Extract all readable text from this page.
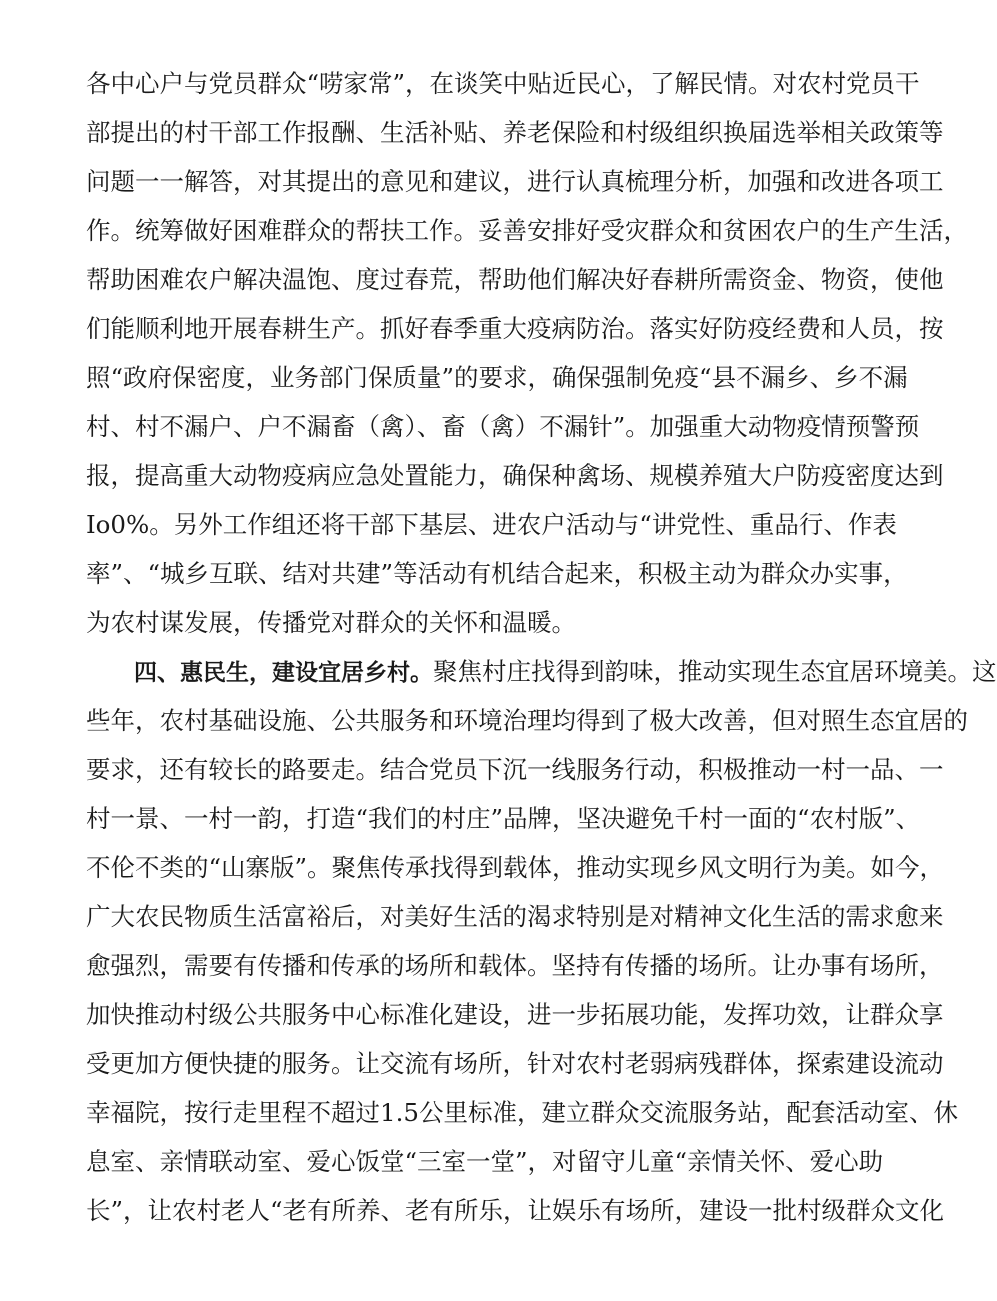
各中心户与党员群众“唠家常”，在谈笑中贴近民心，了解民情。对农村党员干
部提出的村干部工作报酬、生活补贴、养老保险和村级组织换届选举相关政策等
问题一一解答，对其提出的意见和建议，进行认真梳理分析，加强和改进各项工
作。统筹做好困难群众的帮扶工作。妥善安排好受灾群众和贫困农户的生产生活，
帮助困难农户解决温饱、度过春荒，帮助他们解决好春耕所需资金、物资，使他
们能顺利地开展春耕生产。抓好春季重大疫病防治。落实好防疫经费和人员，按
照“政府保密度，业务部门保质量”的要求，确保强制免疫“县不漏乡、乡不漏
村、村不漏户、户不漏畜（禽）、畜（禽）不漏针”。加强重大动物疫情预警预
报，提高重大动物疫病应急处置能力，确保种禽场、规模养殖大户防疫密度达到
Io0%。另外工作组还将干部下基层、进农户活动与“讲党性、重品行、作表
率”、“城乡互联、结对共建”等活动有机结合起来，积极主动为群众办实事，
为农村谋发展，传播党对群众的关怀和温暖。
四、惠民生，建设宜居乡村。 聚焦村庄找得到韵味，推动实现生态宜居环境美。这
些年，农村基础设施、公共服务和环境治理均得到了极大改善，但对照生态宜居的
要求，还有较长的路要走。结合党员下沉一线服务行动，积极推动一村一品、一
村一景、一村一韵，打造“我们的村庄”品牌，坚决避免千村一面的“农村版”、
不伦不类的“山寨版”。聚焦传承找得到载体，推动实现乡风文明行为美。如今，
广大农民物质生活富裕后，对美好生活的渴求特别是对精神文化生活的需求愈来
愈强烈，需要有传播和传承的场所和载体。坚持有传播的场所。让办事有场所，
加快推动村级公共服务中心标准化建设，进一步拓展功能，发挥功效，让群众享
受更加方便快捷的服务。让交流有场所，针对农村老弱病残群体，探索建设流动
幸福院，按行走里程不超过1.5公里标准，建立群众交流服务站，配套活动室、休
息室、亲情联动室、爱心饭堂“三室一堂”，对留守儿童“亲情关怀、爱心助
长”，让农村老人“老有所养、老有所乐，让娱乐有场所，建设一批村级群众文化
